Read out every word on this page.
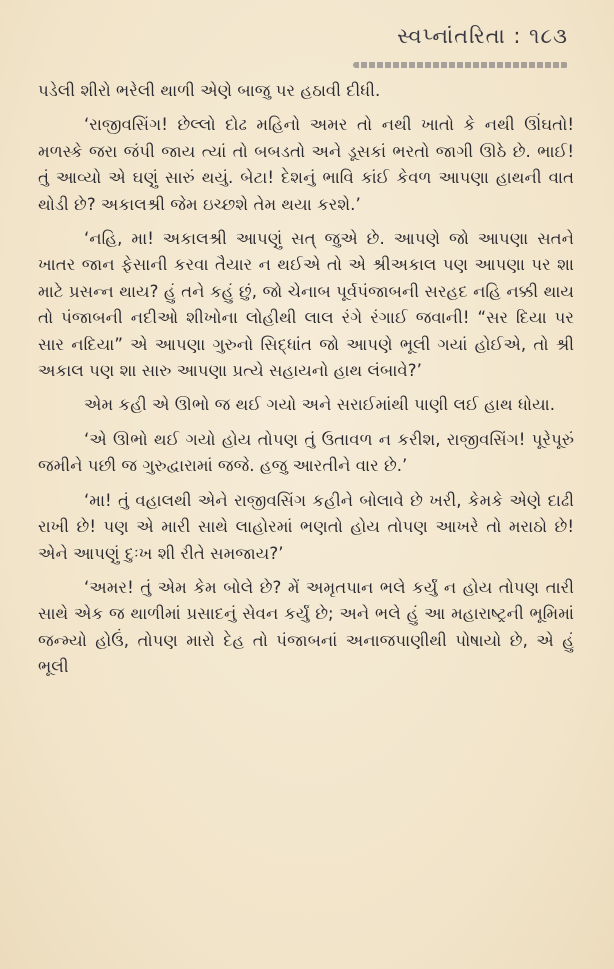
સ્વપ્નાંતરિતા : ૧૮૩

પડેલી શીરો ભરેલી થાળી એણે બાજુ પર હઠાવી દીધી.

‘રાજીવસિંગ! છેલ્લો દોઢ મહિનો અમર તો નથી ખાતો કે નથી ઊંઘતો! મળસ્કે જરા જંપી જાય ત્યાં તો બબડતો અને ડૂસકાં ભરતો જાગી ઊઠે છે. ભાઈ! તું આવ્યો એ ઘણું સારું થયું. બેટા! દેશનું ભાવિ કાંઈ કેવળ આપણા હાથની વાત થોડી છે? અકાલશ્રી જેમ ઇચ્છશે તેમ થયા કરશે.’

‘નહિ, મા! અકાલશ્રી આપણું સત્ જુએ છે. આપણે જો આપણા સતને ખાતર જાન ફેસાની કરવા તૈયાર ન થઈએ તો એ શ્રીઅકાલ પણ આપણા પર શા માટે પ્રસન્ન થાય? હું તને કહું છું, જો ચેનાબ પૂર્વપંજાબની સરહદ નહિ નક્કી થાય તો પંજાબની નદીઓ શીખોના લોહીથી લાલ રંગે રંગાઈ જવાની! “સર દિયા પર સાર નદિયા” એ આપણા ગુરુનો સિદ્ધાંત જો આપણે ભૂલી ગયાં હોઈએ, તો શ્રી અકાલ પણ શા સારુ આપણા પ્રત્યે સહાયનો હાથ લંબાવે?’

એમ કહી એ ઊભો જ થઈ ગયો અને સરાઈમાંથી પાણી લઈ હાથ ધોયા.

‘એ ઊભો થઈ ગયો હોય તોપણ તું ઉતાવળ ન કરીશ, રાજીવસિંગ! પૂરેપૂરું જમીને પછી જ ગુરુદ્વારામાં જજે. હજુ આરતીને વાર છે.’

‘મા! તું વહાલથી એને રાજીવસિંગ કહીને બોલાવે છે ખરી, કેમકે એણે દાઢી રાખી છે! પણ એ મારી સાથે લાહોરમાં ભણતો હોય તોપણ આખરે તો મરાઠો છે! એને આપણું દુઃખ શી રીતે સમજાય?’

‘અમર! તું એમ કેમ બોલે છે? મેં અમૃતપાન ભલે કર્યું ન હોય તોપણ તારી સાથે એક જ થાળીમાં પ્રસાદનું સેવન કર્યું છે; અને ભલે હું આ મહારાષ્ટ્રની ભૂમિમાં જન્મ્યો હોઉં, તોપણ મારો દેહ તો પંજાબનાં અનાજપાણીથી પોષાયો છે, એ હું ભૂલી
